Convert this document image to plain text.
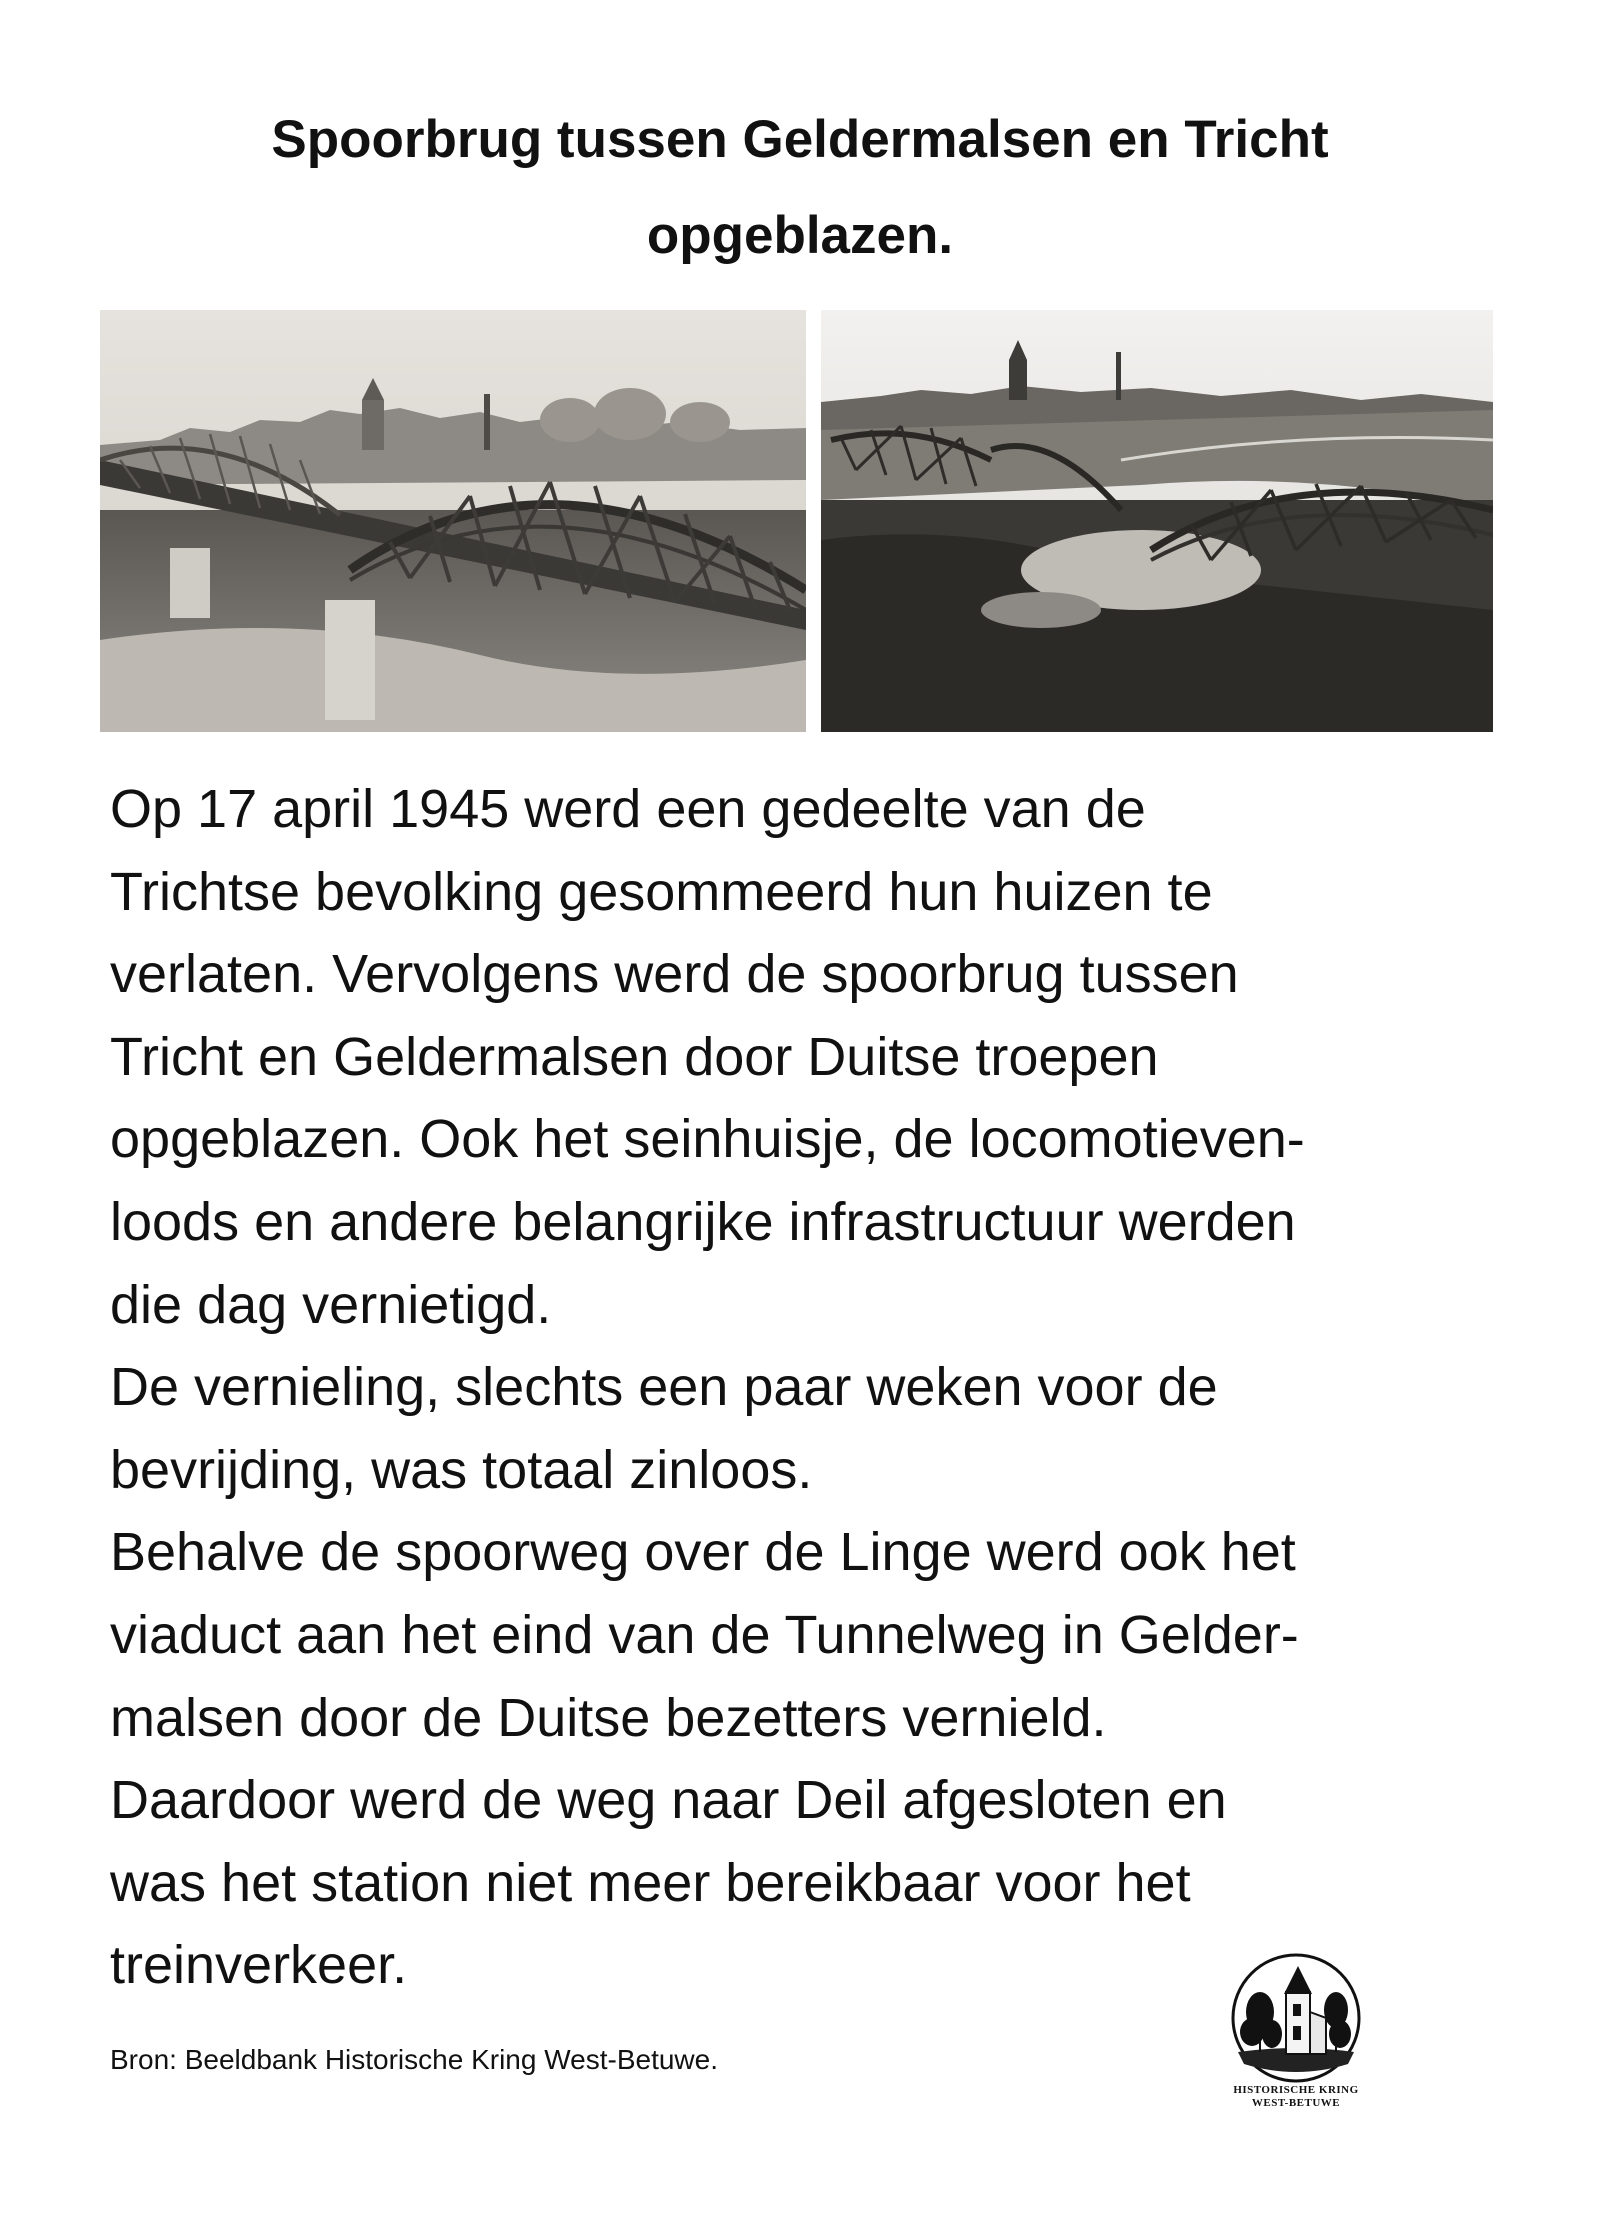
Spoorbrug tussen Geldermalsen en Tricht
opgeblazen.

Op 17 april 1945 werd een gedeelte van de
Trichtse bevolking gesommeerd hun huizen te
verlaten. Vervolgens werd de spoorbrug tussen
Tricht en Geldermalsen door Duitse troepen
opgeblazen. Ook het seinhuisje, de locomotieven-
loods en andere belangrijke infrastructuur werden
die dag vernietigd.
De vernieling, slechts een paar weken voor de
bevrijding, was totaal zinloos.
Behalve de spoorweg over de Linge werd ook het
viaduct aan het eind van de Tunnelweg in Gelder-
malsen door de Duitse bezetters vernield.
Daardoor werd de weg naar Deil afgesloten en
was het station niet meer bereikbaar voor het
treinverkeer.

Bron: Beeldbank Historische Kring West-Betuwe.
HISTORISCHE KRING
WEST-BETUWE
